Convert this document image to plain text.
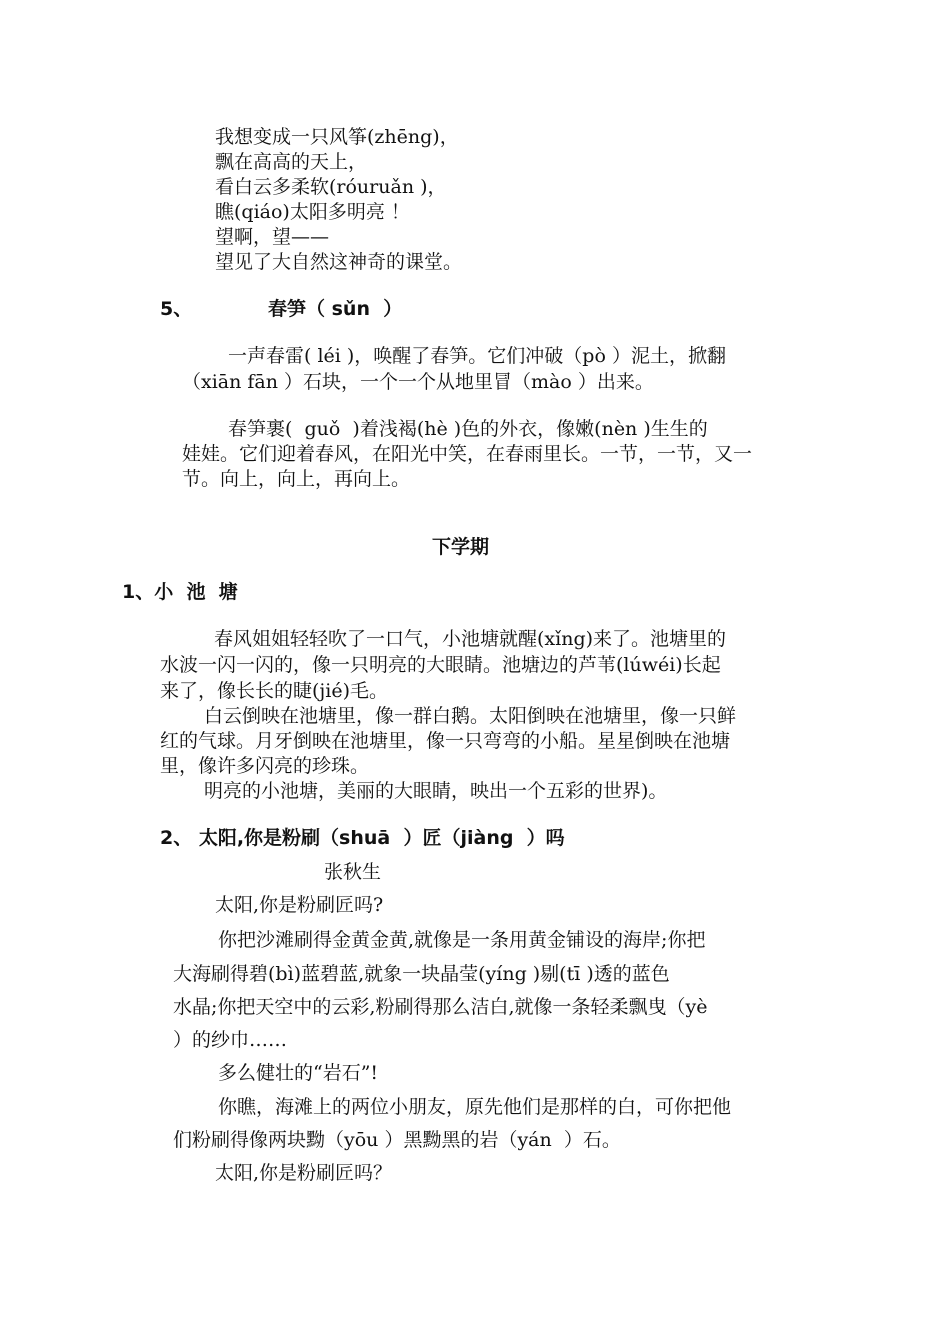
我想变成一只风筝(zhēng)，
飘在高高的天上，
看白云多柔软(róuruǎn )，
瞧(qiáo)太阳多明亮 ！
望啊，望——
望见了大自然这神奇的课堂。
5、	春笋（ sǔn  ）
一声春雷( léi )，唤醒了春笋。它们冲破（pò ）泥土，掀翻
（xiān fān ）石块，一个一个从地里冒（mào ）出来。
春笋裹(  guǒ  )着浅褐(hè )色的外衣，像嫩(nèn )生生的
娃娃。它们迎着春风，在阳光中笑，在春雨里长。一节，一节，又一
节。向上，向上，再向上。
下学期
1、小  池  塘
春风姐姐轻轻吹了一口气，小池塘就醒(xǐng)来了。池塘里的
水波一闪一闪的，像一只明亮的大眼睛。池塘边的芦苇(lúwéi)长起
来了，像长长的睫(jié)毛。
白云倒映在池塘里，像一群白鹅。太阳倒映在池塘里，像一只鲜
红的气球。月牙倒映在池塘里，像一只弯弯的小船。星星倒映在池塘
里，像许多闪亮的珍珠。
明亮的小池塘，美丽的大眼睛，映出一个五彩的世界)。
2、 太阳,你是粉刷（shuā  ）匠（jiàng  ）吗
张秋生
太阳,你是粉刷匠吗?
你把沙滩刷得金黄金黄,就像是一条用黄金铺设的海岸;你把
大海刷得碧(bì)蓝碧蓝,就象一块晶莹(yíng )剔(tī )透的蓝色
水晶;你把天空中的云彩,粉刷得那么洁白,就像一条轻柔飘曳（yè
）的纱巾……
多么健壮的“岩石”!
你瞧，海滩上的两位小朋友，原先他们是那样的白，可你把他
们粉刷得像两块黝（yōu ）黑黝黑的岩（yán  ）石。
太阳,你是粉刷匠吗？
